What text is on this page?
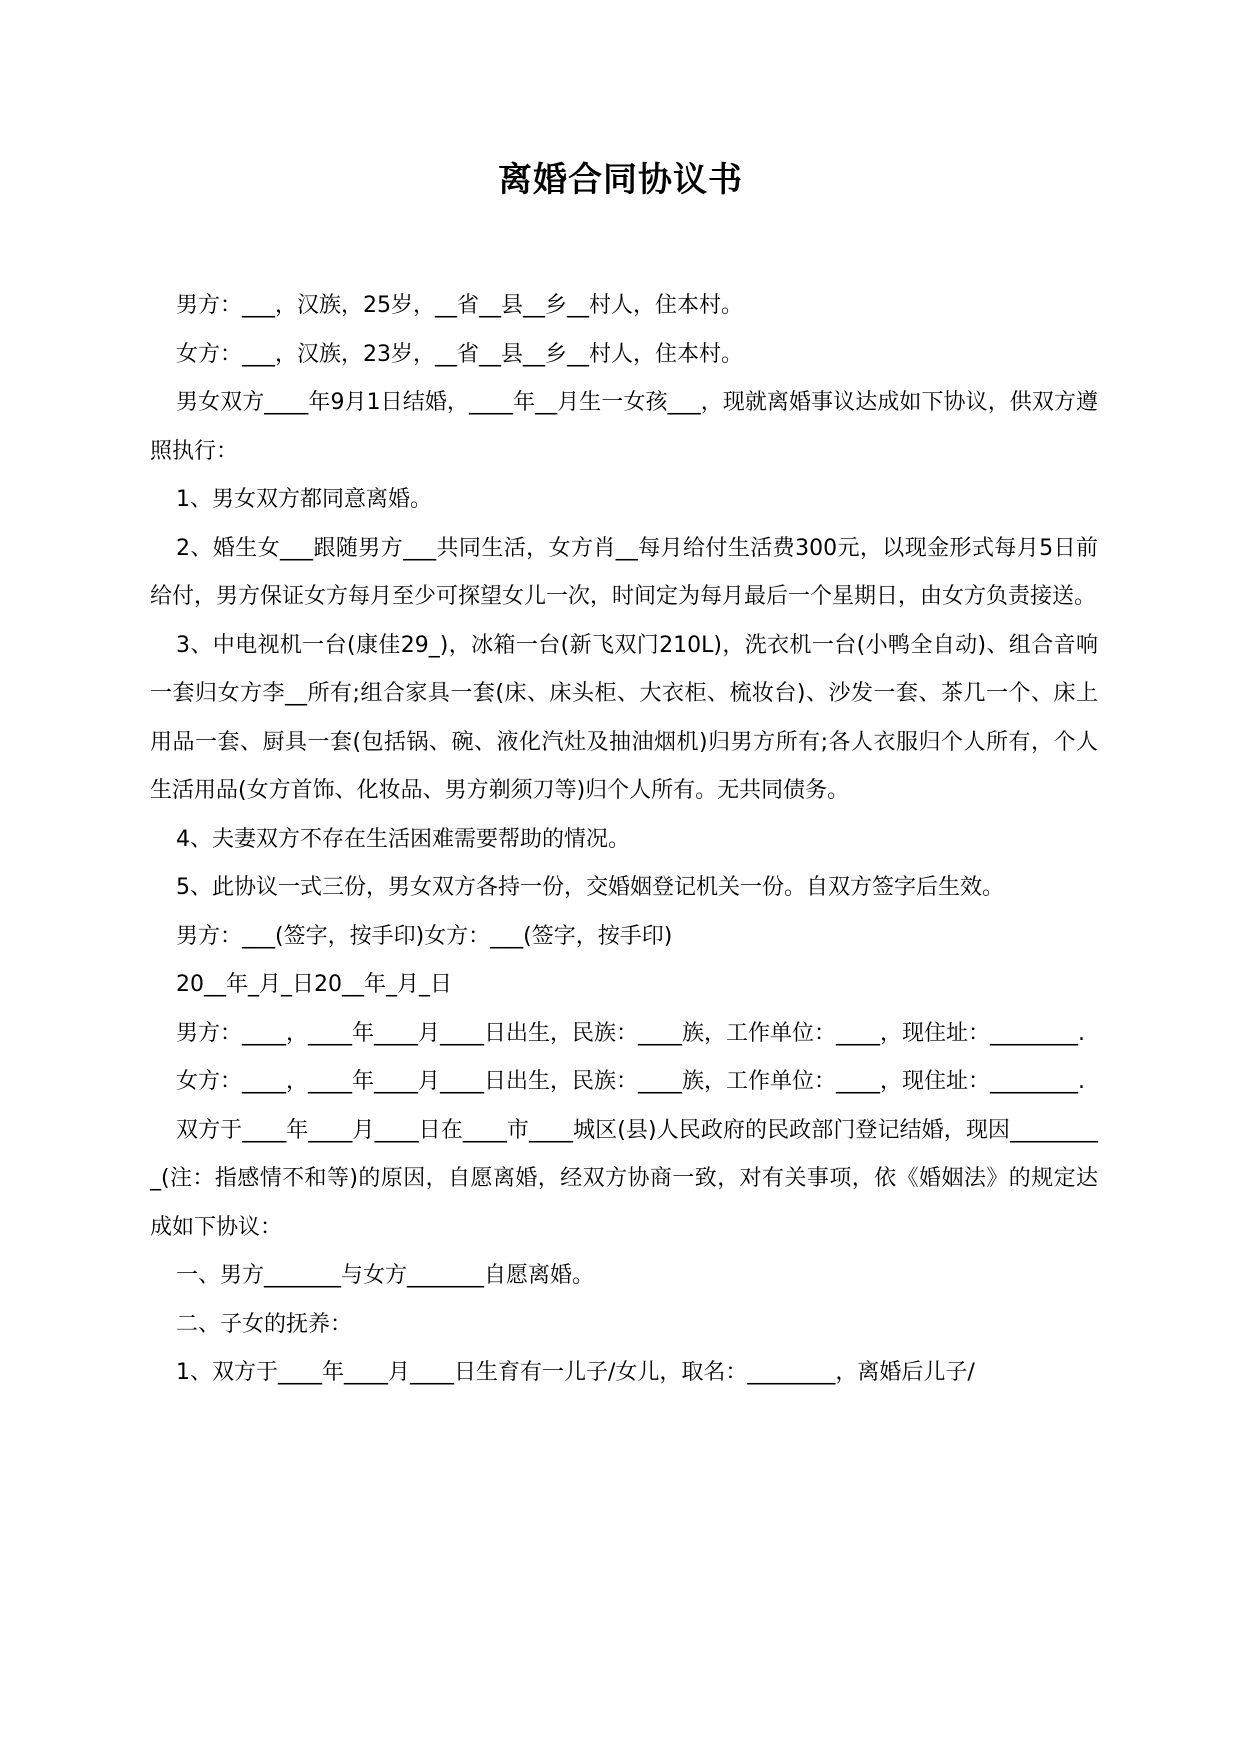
离婚合同协议书

男方：___，汉族，25岁，__省__县__乡__村人，住本村。

女方：___，汉族，23岁，__省__县__乡__村人，住本村。

男女双方____年9月1日结婚，____年__月生一女孩___，现就离婚事议达成如下协议，供双方遵照执行：

1、男女双方都同意离婚。

2、婚生女___跟随男方___共同生活，女方肖__每月给付生活费300元，以现金形式每月5日前给付，男方保证女方每月至少可探望女儿一次，时间定为每月最后一个星期日，由女方负责接送。

3、中电视机一台(康佳29_)，冰箱一台(新飞双门210L)，洗衣机一台(小鸭全自动)、组合音响一套归女方李__所有;组合家具一套(床、床头柜、大衣柜、梳妆台)、沙发一套、茶几一个、床上用品一套、厨具一套(包括锅、碗、液化汽灶及抽油烟机)归男方所有;各人衣服归个人所有，个人生活用品(女方首饰、化妆品、男方剃须刀等)归个人所有。无共同债务。

4、夫妻双方不存在生活困难需要帮助的情况。

5、此协议一式三份，男女双方各持一份，交婚姻登记机关一份。自双方签字后生效。

男方：___(签字，按手印)女方：___(签字，按手印)

20__年_月_日20__年_月_日

男方：____，____年____月____日出生，民族：____族，工作单位：____，现住址：________.

女方：____，____年____月____日出生，民族：____族，工作单位：____，现住址：________.

双方于____年____月____日在____市____城区(县)人民政府的民政部门登记结婚，现因_________(注：指感情不和等)的原因，自愿离婚，经双方协商一致，对有关事项，依《婚姻法》的规定达成如下协议：

一、男方_______与女方_______自愿离婚。

二、子女的抚养：

1、双方于____年____月____日生育有一儿子/女儿，取名：________，离婚后儿子/
